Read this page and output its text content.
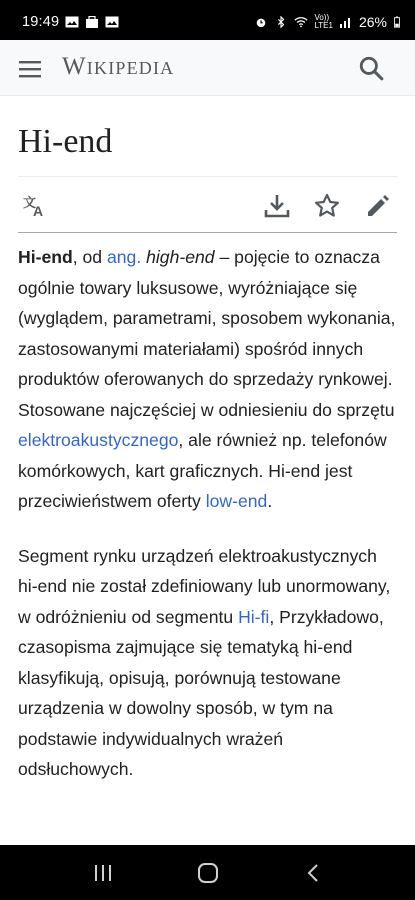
19:49	Vo))
LTE1 26%
Wikipedia
Hi-end
文
A

Hi-end, od ang. high-end – pojęcie to oznacza ogólnie towary luksusowe, wyróżniające się (wyglądem, parametrami, sposobem wykonania, zastosowanymi materiałami) spośród innych produktów oferowanych do sprzedaży rynkowej. Stosowane najczęściej w odniesieniu do sprzętu elektroakustycznego, ale również np. telefonów komórkowych, kart graficznych. Hi-end jest przeciwieństwem oferty low-end.

Segment rynku urządzeń elektroakustycznych hi-end nie został zdefiniowany lub unormowany, w odróżnieniu od segmentu Hi-fi, Przykładowo, czasopisma zajmujące się tematyką hi-end klasyfikują, opisują, porównują testowane urządzenia w dowolny sposób, w tym na podstawie indywidualnych wrażeń odsłuchowych.
